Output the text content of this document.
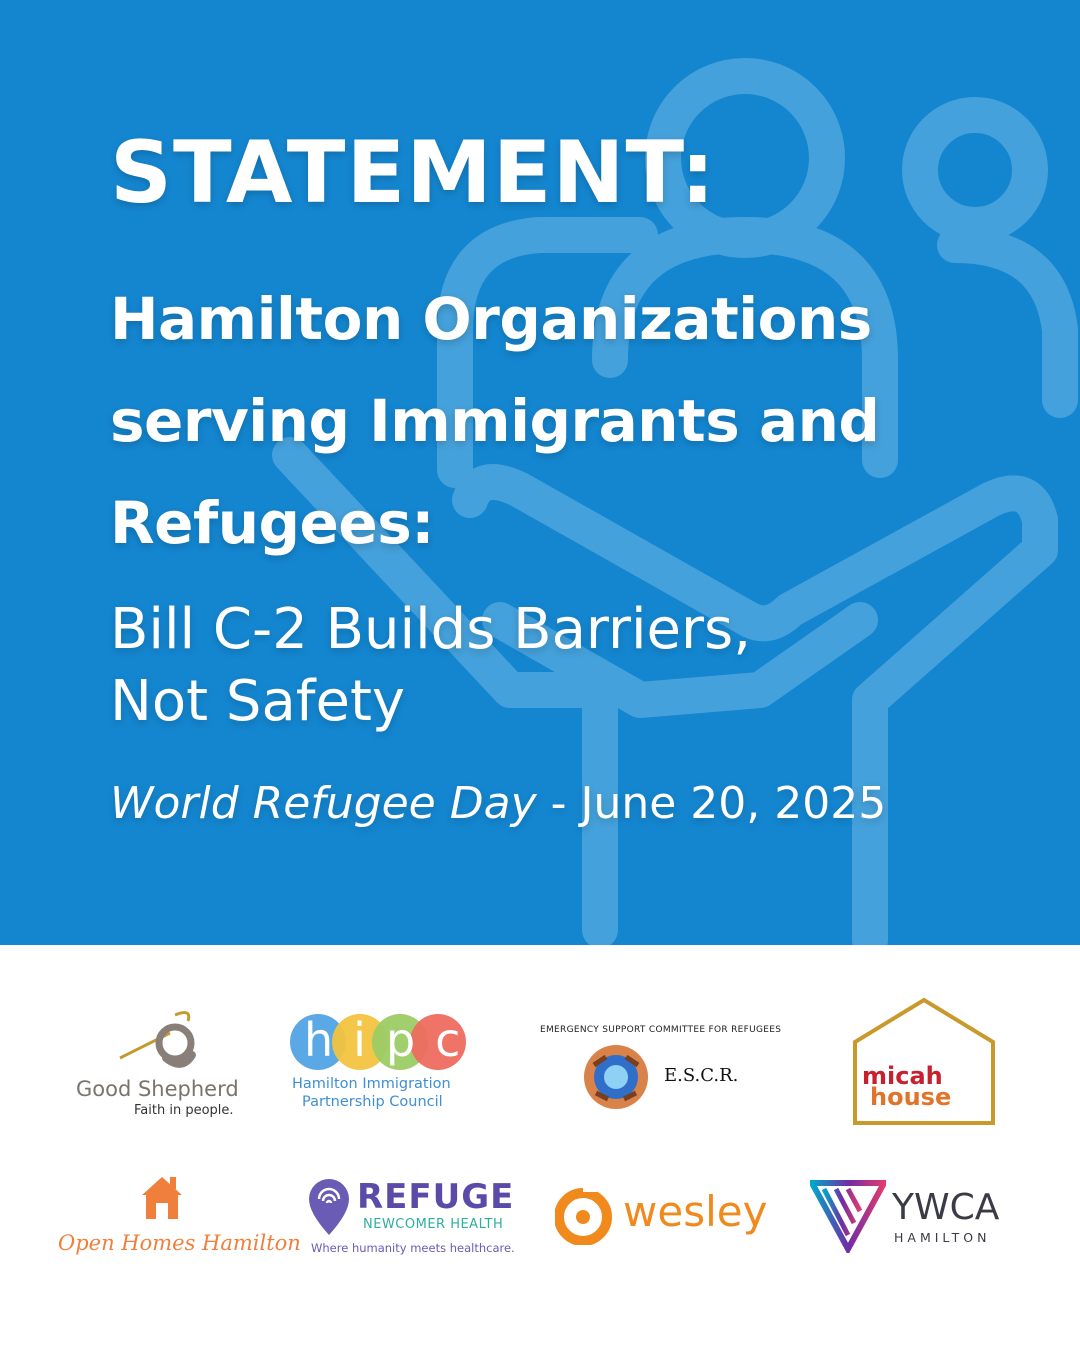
STATEMENT:
Hamilton Organizations
serving Immigrants and
Refugees:
Bill C-2 Builds Barriers,
Not Safety
World Refugee Day - June 20, 2025
Good Shepherd
Faith in people.
hipc
Hamilton Immigration
Partnership Council
EMERGENCY SUPPORT COMMITTEE FOR REFUGEES
E.S.C.R.	micah
house
Open Homes Hamilton
REFUGE
NEWCOMER HEALTH
Where humanity meets healthcare.
wesley	YWCA
HAMILTON
